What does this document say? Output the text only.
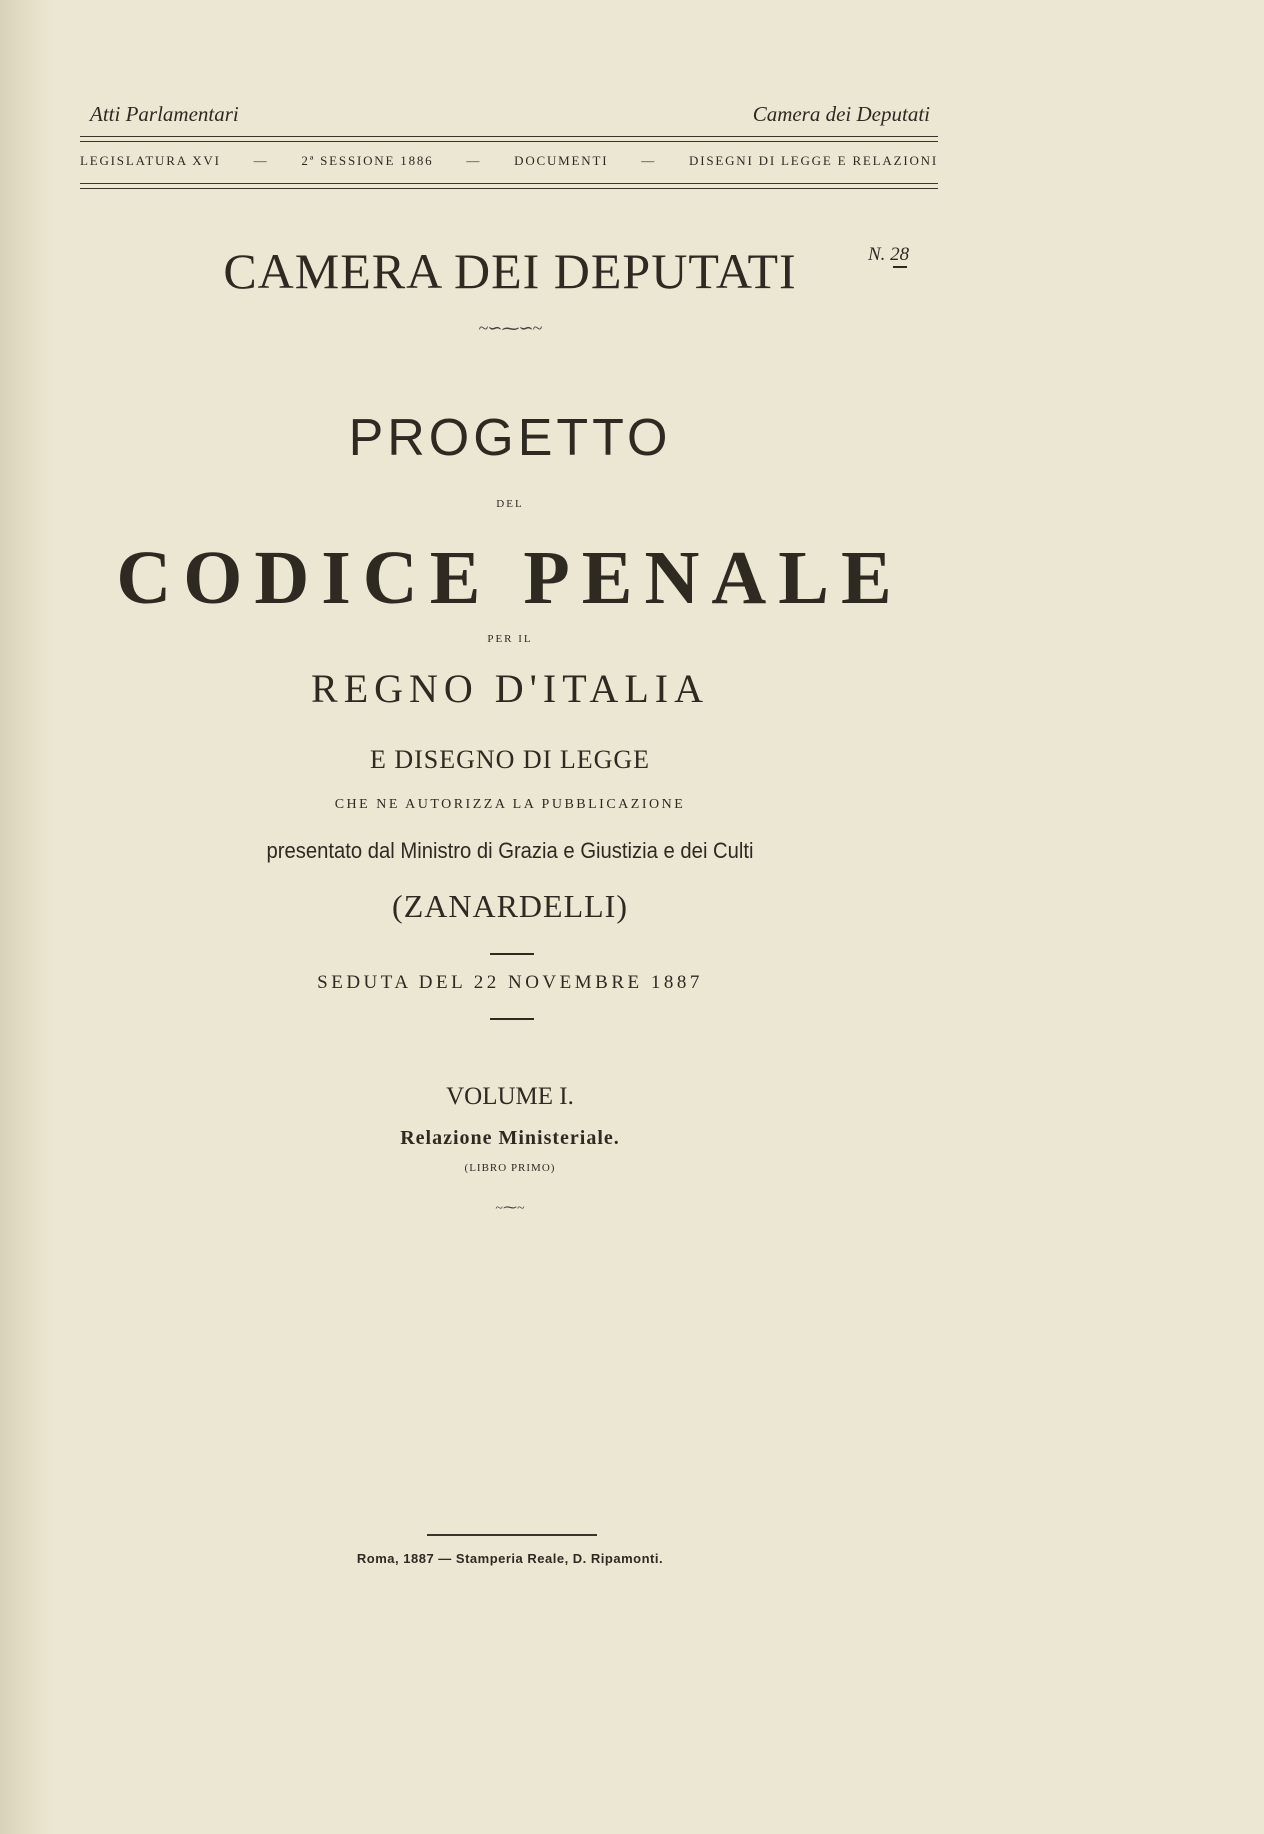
Atti Parlamentari	Camera dei Deputati
LEGISLATURA XVI	—	2ª SESSIONE 1886	—	DOCUMENTI	—	DISEGNI DI LEGGE E RELAZIONI
CAMERA DEI DEPUTATI	N. 28
~∽⁓∽~
PROGETTO
DEL
CODICE PENALE
PER IL
REGNO D'ITALIA
E DISEGNO DI LEGGE
CHE NE AUTORIZZA LA PUBBLICAZIONE
presentato dal Ministro di Grazia e Giustizia e dei Culti
(ZANARDELLI)
SEDUTA DEL 22 NOVEMBRE 1887
VOLUME I.
Relazione Ministeriale.
(LIBRO PRIMO)
~⁓~
Roma, 1887 — Stamperia Reale, D. Ripamonti.
